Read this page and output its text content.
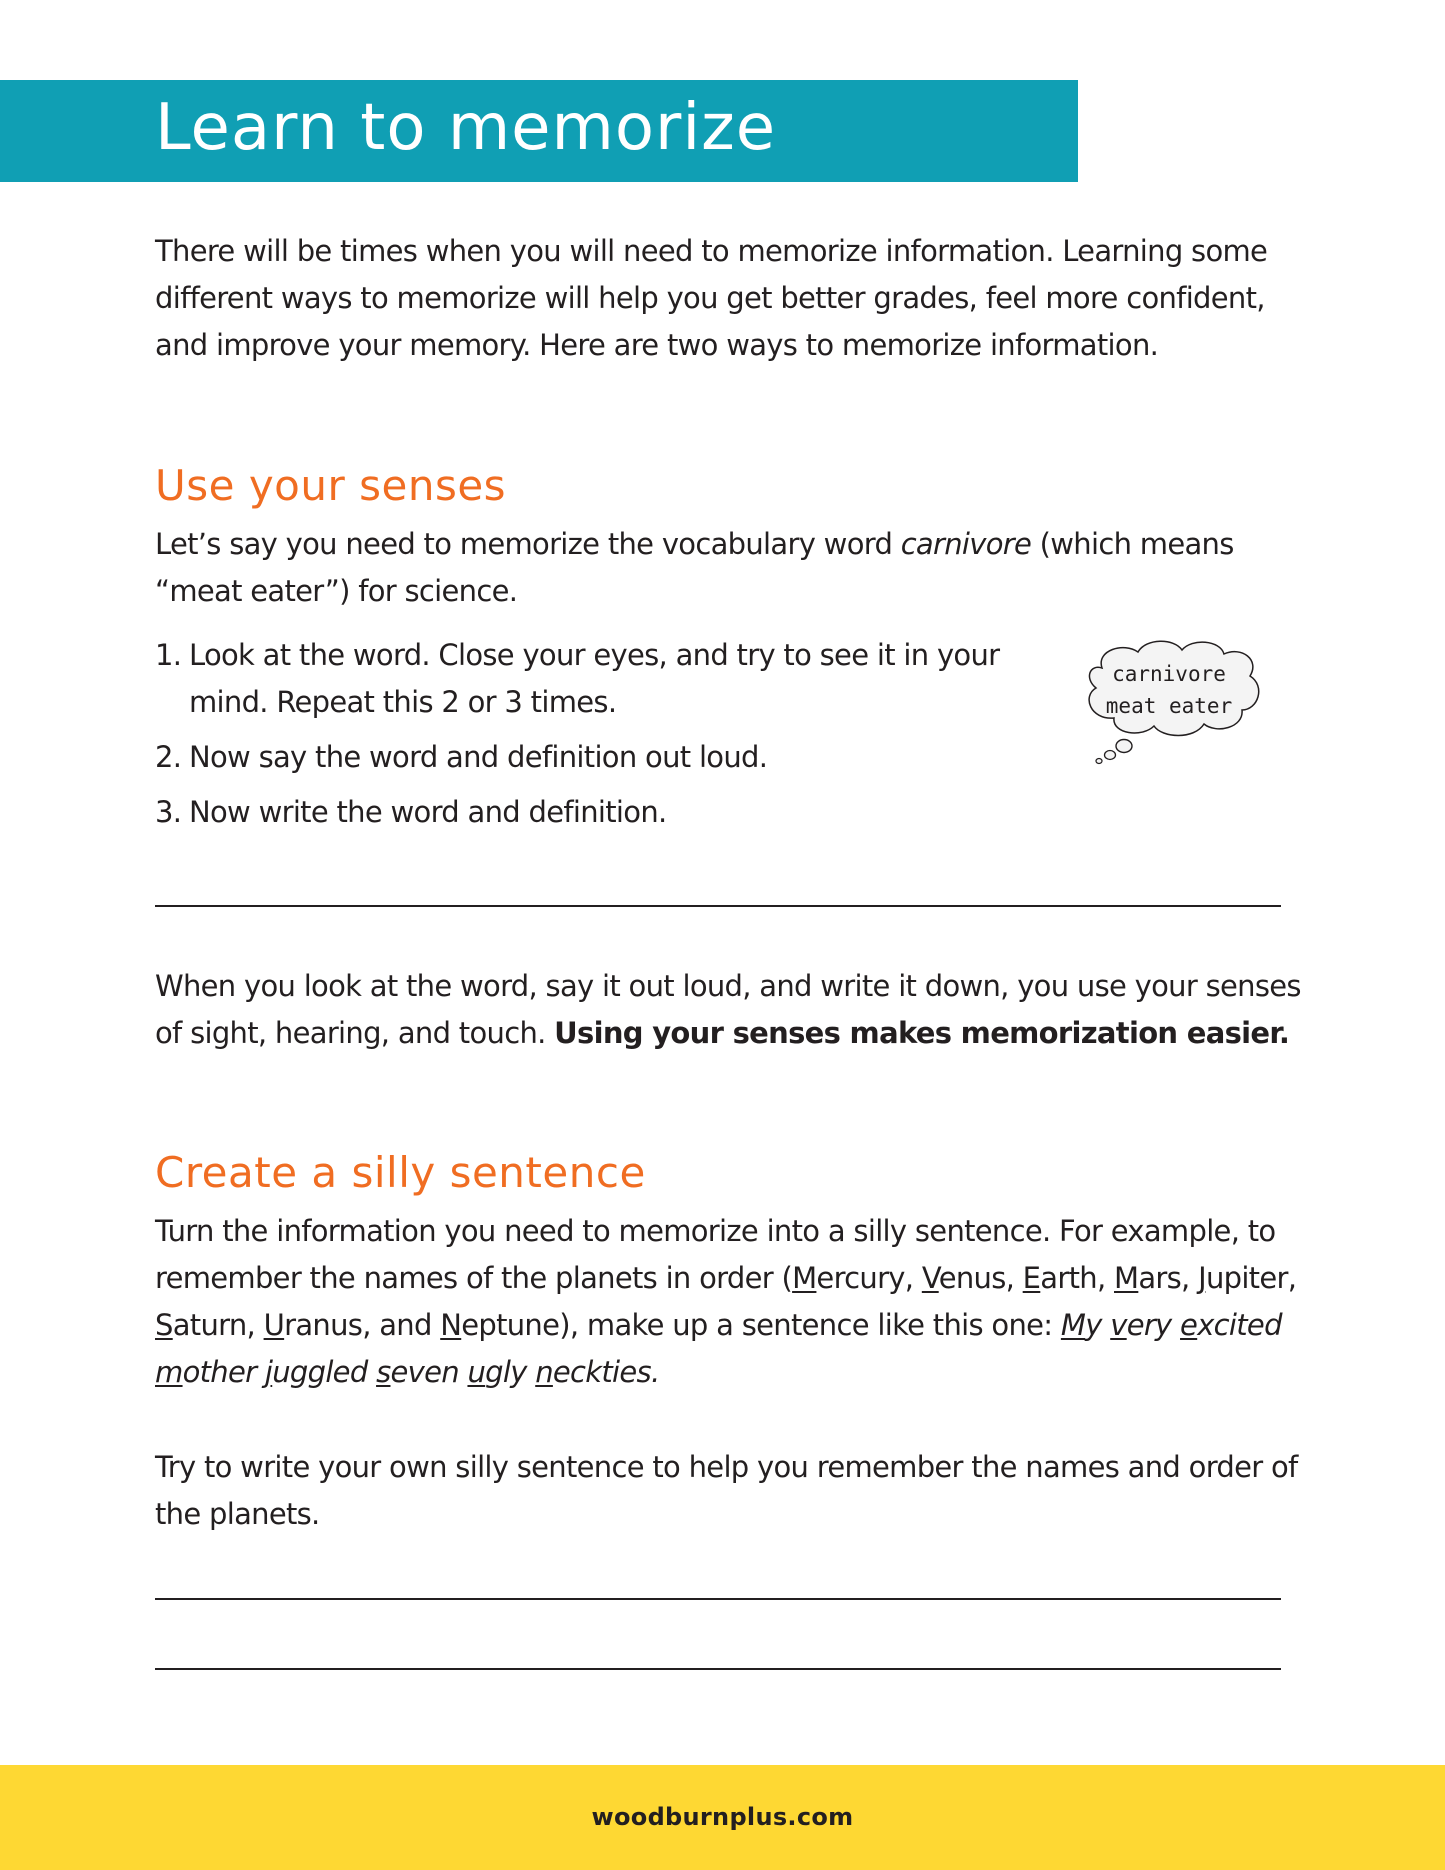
Learn to memorize

There will be times when you will need to memorize information. Learning some different ways to memorize will help you get better grades, feel more confident, and improve your memory. Here are two ways to memorize information.

Use your senses

Let’s say you need to memorize the vocabulary word carnivore (which means “meat eater”) for science.

1. Look at the word. Close your eyes, and try to see it in your mind. Repeat this 2 or 3 times.
2. Now say the word and definition out loud.
3. Now write the word and definition.
carnivore
meat eater

When you look at the word, say it out loud, and write it down, you use your senses of sight, hearing, and touch. Using your senses makes memorization easier.

Create a silly sentence

Turn the information you need to memorize into a silly sentence. For example, to remember the names of the planets in order (Mercury, Venus, Earth, Mars, Jupiter, Saturn, Uranus, and Neptune), make up a sentence like this one: My very excited mother juggled seven ugly neckties.

Try to write your own silly sentence to help you remember the names and order of the planets.

woodburnplus.com
